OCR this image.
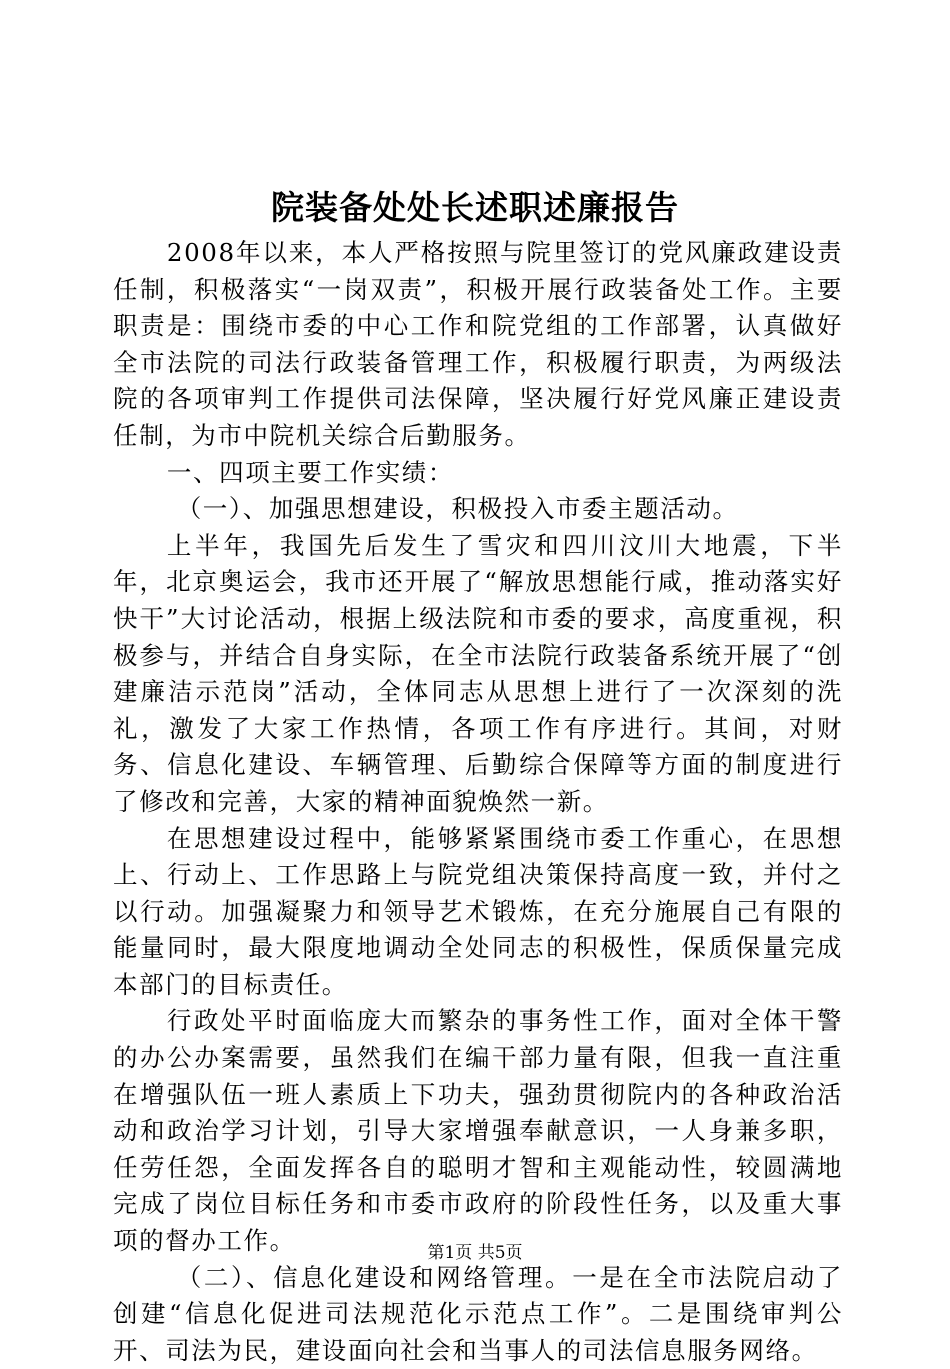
院装备处处长述职述廉报告

2008年以来，本人严格按照与院里签订的党风廉政建设责任制，积极落实“一岗双责”，积极开展行政装备处工作。主要职责是：围绕市委的中心工作和院党组的工作部署，认真做好全市法院的司法行政装备管理工作，积极履行职责，为两级法院的各项审判工作提供司法保障，坚决履行好党风廉正建设责任制，为市中院机关综合后勤服务。

一、四项主要工作实绩：

（一）、加强思想建设，积极投入市委主题活动。

上半年，我国先后发生了雪灾和四川汶川大地震，下半年，北京奥运会，我市还开展了“解放思想能行咸，推动落实好快干”大讨论活动，根据上级法院和市委的要求，高度重视，积极参与，并结合自身实际，在全市法院行政装备系统开展了“创建廉洁示范岗”活动，全体同志从思想上进行了一次深刻的洗礼，激发了大家工作热情，各项工作有序进行。其间，对财务、信息化建设、车辆管理、后勤综合保障等方面的制度进行了修改和完善，大家的精神面貌焕然一新。

在思想建设过程中，能够紧紧围绕市委工作重心，在思想上、行动上、工作思路上与院党组决策保持高度一致，并付之以行动。加强凝聚力和领导艺术锻炼，在充分施展自己有限的能量同时，最大限度地调动全处同志的积极性，保质保量完成本部门的目标责任。

行政处平时面临庞大而繁杂的事务性工作，面对全体干警的办公办案需要，虽然我们在编干部力量有限，但我一直注重在增强队伍一班人素质上下功夫，强劲贯彻院内的各种政治活动和政治学习计划，引导大家增强奉献意识，一人身兼多职，任劳任怨，全面发挥各自的聪明才智和主观能动性，较圆满地完成了岗位目标任务和市委市政府的阶段性任务，以及重大事项的督办工作。

（二）、信息化建设和网络管理。一是在全市法院启动了创建“信息化促进司法规范化示范点工作”。二是围绕审判公开、司法为民，建设面向社会和当事人的司法信息服务网络。

第1页 共5页
